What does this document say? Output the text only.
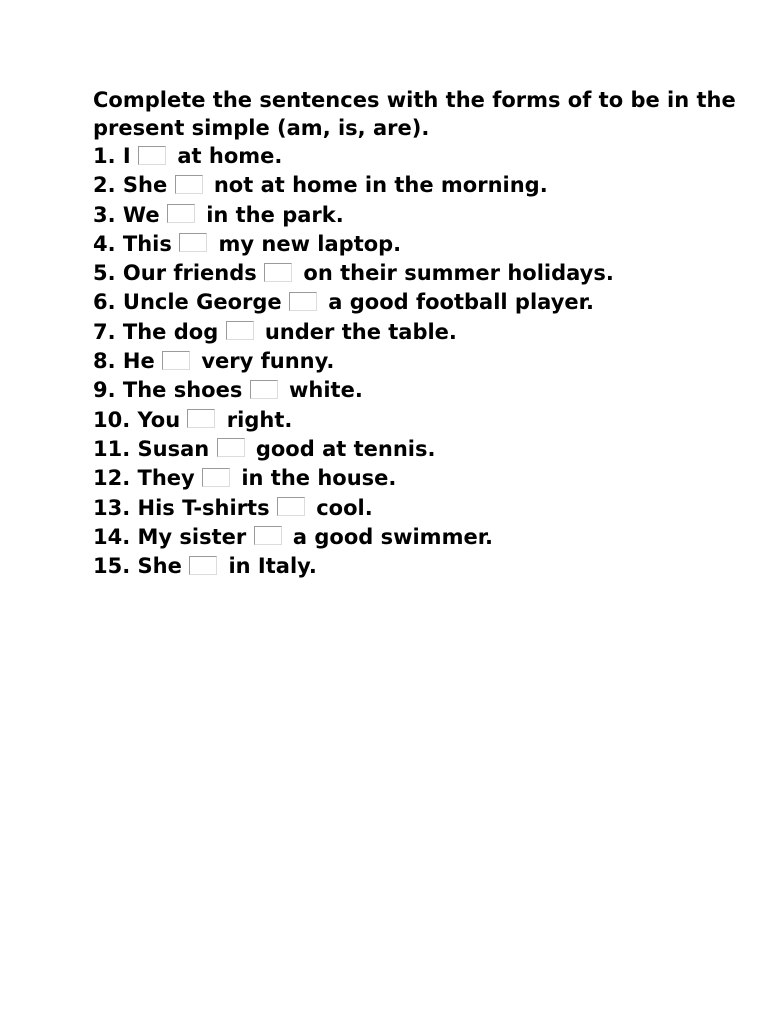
Complete the sentences with the forms of to be in the present simple (am, is, are).

1. I at home.
2. She not at home in the morning.
3. We in the park.
4. This my new laptop.
5. Our friends on their summer holidays.
6. Uncle George a good football player.
7. The dog under the table.
8. He very funny.
9. The shoes white.
10. You right.
11. Susan good at tennis.
12. They in the house.
13. His T-shirts cool.
14. My sister a good swimmer.
15. She in Italy.
